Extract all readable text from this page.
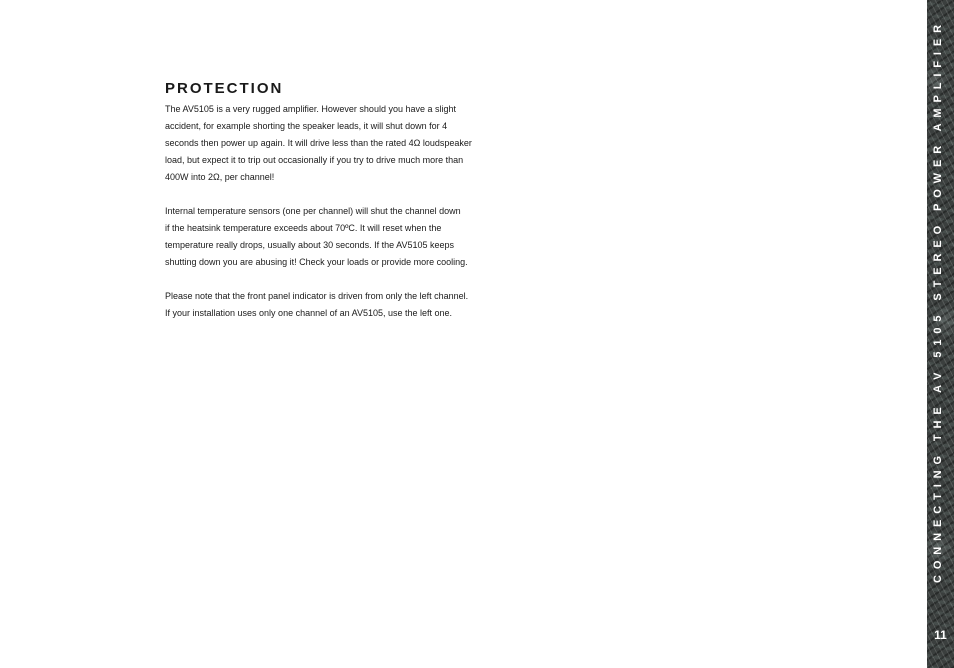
PROTECTION
The AV5105 is a very rugged amplifier. However should you have a slight
accident, for example shorting the speaker leads, it will shut down for 4
seconds then power up again. It will drive less than the rated 4Ω loudspeaker
load, but expect it to trip out occasionally if you try to drive much more than
400W into 2Ω, per channel!
Internal temperature sensors (one per channel) will shut the channel down
if the heatsink temperature exceeds about 70ºC. It will reset when the
temperature really drops, usually about 30 seconds. If the AV5105 keeps
shutting down you are abusing it! Check your loads or provide more cooling.
Please note that the front panel indicator is driven from only the left channel.
If your installation uses only one channel of an AV5105, use the left one.	CONNECTING THE AV 5105 STEREO POWER AMPLIFIER
11
